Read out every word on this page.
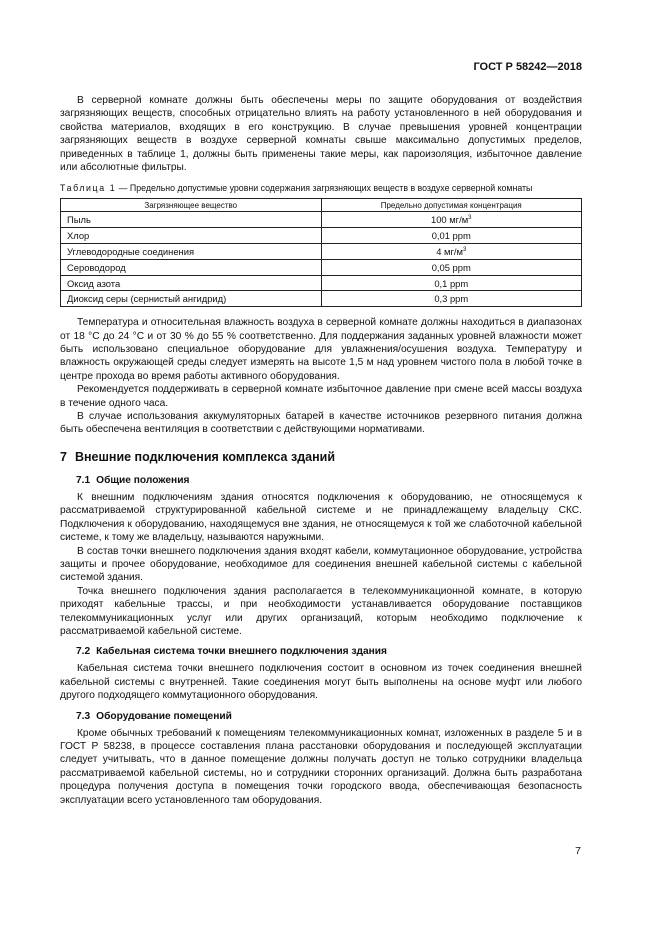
ГОСТ Р 58242—2018

В серверной комнате должны быть обеспечены меры по защите оборудования от воздействия загрязняющих веществ, способных отрицательно влиять на работу установленного в ней оборудования и свойства материалов, входящих в его конструкцию. В случае превышения уровней концентрации загрязняющих веществ в воздухе серверной комнаты свыше максимально допустимых пределов, приведенных в таблице 1, должны быть применены такие меры, как пароизоляция, избыточное давление или абсолютные фильтры.

Таблица 1 — Предельно допустимые уровни содержания загрязняющих веществ в воздухе серверной комнаты
Загрязняющее вещество	Предельно допустимая концентрация
Пыль	100 $мг/м^3$
Хлор	0,01 ppm
Углеводородные соединения	4 $мг/м^3$
Сероводород	0,05 ppm
Оксид азота	0,1 ppm
Диоксид серы (сернистый ангидрид)	0,3 ppm

Температура и относительная влажность воздуха в серверной комнате должны находиться в диапазонах от 18 °С до 24 °С и от 30 % до 55 % соответственно. Для поддержания заданных уровней влажности может быть использовано специальное оборудование для увлажнения/осушения воздуха. Температуру и влажность окружающей среды следует измерять на высоте 1,5 м над уровнем чистого пола в любой точке в центре прохода во время работы активного оборудования.

Рекомендуется поддерживать в серверной комнате избыточное давление при смене всей массы воздуха в течение одного часа.

В случае использования аккумуляторных батарей в качестве источников резервного питания должна быть обеспечена вентиляция в соответствии с действующими нормативами.

7 Внешние подключения комплекса зданий
7.1 Общие положения

К внешним подключениям здания относятся подключения к оборудованию, не относящемуся к рассматриваемой структурированной кабельной системе и не принадлежащему владельцу СКС. Подключения к оборудованию, находящемуся вне здания, не относящемуся к той же слаботочной кабельной системе, к тому же владельцу, называются наружными.

В состав точки внешнего подключения здания входят кабели, коммутационное оборудование, устройства защиты и прочее оборудование, необходимое для соединения внешней кабельной системы с кабельной системой здания.

Точка внешнего подключения здания располагается в телекоммуникационной комнате, в которую приходят кабельные трассы, и при необходимости устанавливается оборудование поставщиков телекоммуникационных услуг или других организаций, которым необходимо подключение к рассматриваемой кабельной системе.

7.2 Кабельная система точки внешнего подключения здания

Кабельная система точки внешнего подключения состоит в основном из точек соединения внешней кабельной системы с внутренней. Такие соединения могут быть выполнены на основе муфт или любого другого подходящего коммутационного оборудования.

7.3 Оборудование помещений

Кроме обычных требований к помещениям телекоммуникационных комнат, изложенных в разделе 5 и в ГОСТ Р 58238, в процессе составления плана расстановки оборудования и последующей эксплуатации следует учитывать, что в данное помещение должны получать доступ не только сотрудники владельца рассматриваемой кабельной системы, но и сотрудники сторонних организаций. Должна быть разработана процедура получения доступа в помещения точки городского ввода, обеспечивающая безопасность эксплуатации всего установленного там оборудования.

7
